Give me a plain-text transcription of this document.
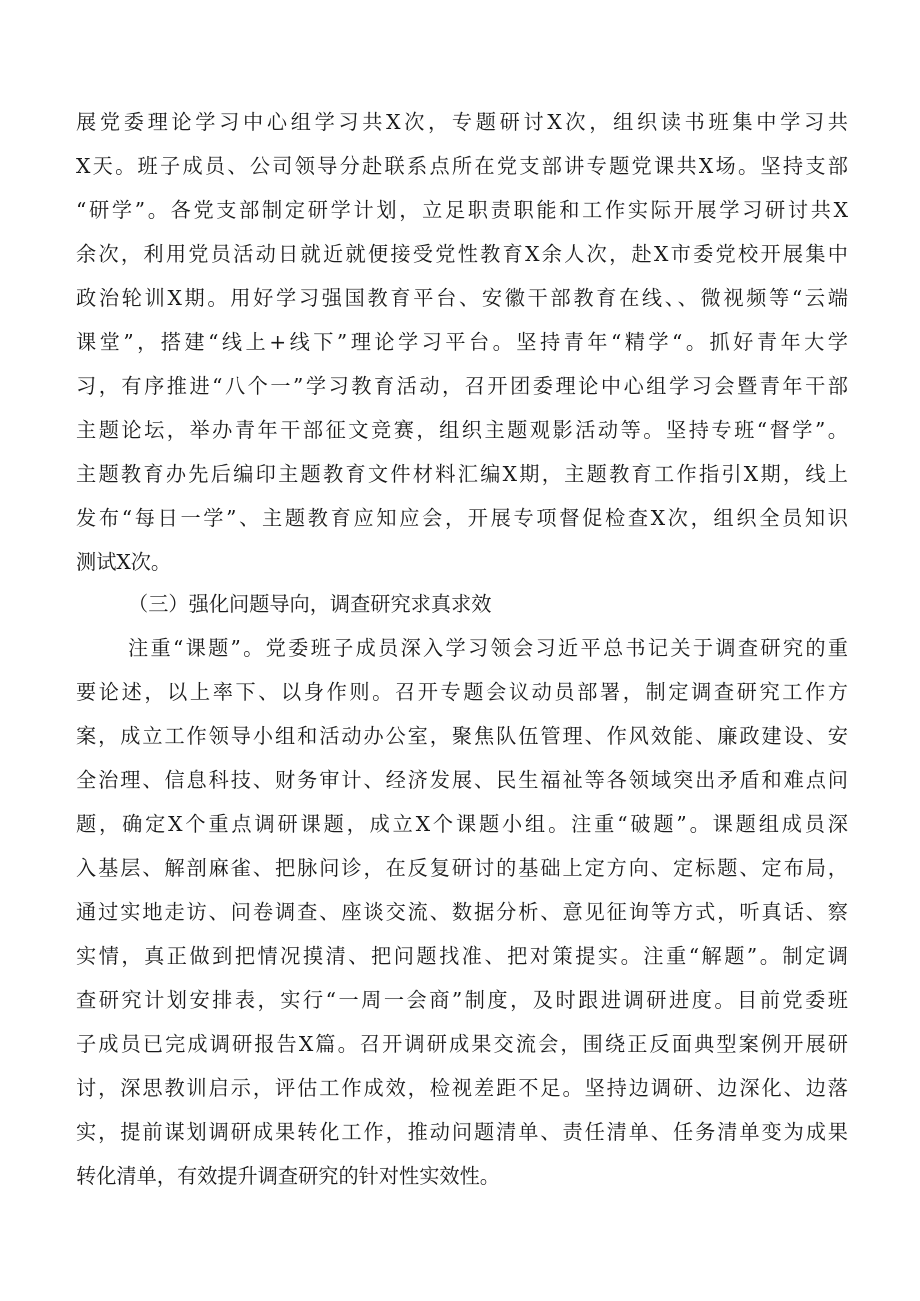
展党委理论学习中心组学习共X次，专题研讨X次，组织读书班集中学习共
X天。班子成员、公司领导分赴联系点所在党支部讲专题党课共X场。坚持支部
“研学”。各党支部制定研学计划，立足职责职能和工作实际开展学习研讨共X
余次，利用党员活动日就近就便接受党性教育X余人次，赴X市委党校开展集中
政治轮训X期。用好学习强国教育平台、安徽干部教育在线、、微视频等“云端
课堂”，搭建“线上+线下”理论学习平台。坚持青年“精学“。抓好青年大学
习，有序推进“八个一”学习教育活动，召开团委理论中心组学习会暨青年干部
主题论坛，举办青年干部征文竞赛，组织主题观影活动等。坚持专班“督学”。
主题教育办先后编印主题教育文件材料汇编X期，主题教育工作指引X期，线上
发布“每日一学”、主题教育应知应会，开展专项督促检查X次，组织全员知识
测试X次。
（三）强化问题导向，调查研究求真求效
注重“课题”。党委班子成员深入学习领会习近平总书记关于调查研究的重
要论述，以上率下、以身作则。召开专题会议动员部署，制定调查研究工作方
案，成立工作领导小组和活动办公室，聚焦队伍管理、作风效能、廉政建设、安
全治理、信息科技、财务审计、经济发展、民生福祉等各领域突出矛盾和难点问
题，确定X个重点调研课题，成立X个课题小组。注重“破题”。课题组成员深
入基层、解剖麻雀、把脉问诊，在反复研讨的基础上定方向、定标题、定布局，
通过实地走访、问卷调查、座谈交流、数据分析、意见征询等方式，听真话、察
实情，真正做到把情况摸清、把问题找准、把对策提实。注重“解题”。制定调
查研究计划安排表，实行“一周一会商”制度，及时跟进调研进度。目前党委班
子成员已完成调研报告X篇。召开调研成果交流会，围绕正反面典型案例开展研
讨，深思教训启示，评估工作成效，检视差距不足。坚持边调研、边深化、边落
实，提前谋划调研成果转化工作，推动问题清单、责任清单、任务清单变为成果
转化清单，有效提升调查研究的针对性实效性。
